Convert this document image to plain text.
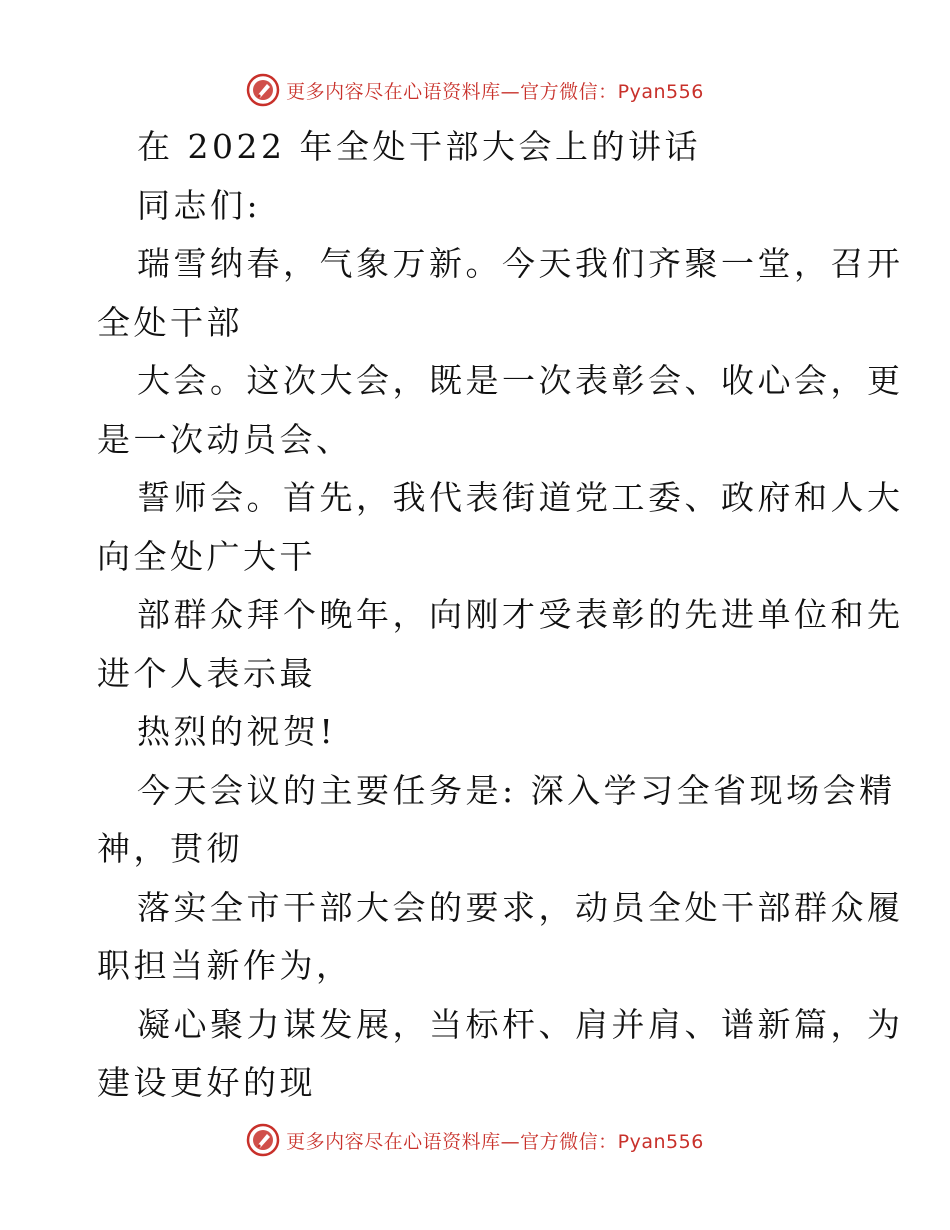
更多内容尽在心语资料库—官方微信：Pyan556
在 2022 年全处干部大会上的讲话
同志们:
瑞雪纳春，气象万新。今天我们齐聚一堂，召开
全处干部
大会。这次大会，既是一次表彰会、收心会，更
是一次动员会、
誓师会。首先，我代表街道党工委、政府和人大
向全处广大干
部群众拜个晚年，向刚才受表彰的先进单位和先
进个人表示最
热烈的祝贺!
今天会议的主要任务是: 深入学习全省现场会精
神，贯彻
落实全市干部大会的要求，动员全处干部群众履
职担当新作为，
凝心聚力谋发展，当标杆、肩并肩、谱新篇，为
建设更好的现
更多内容尽在心语资料库—官方微信：Pyan556
